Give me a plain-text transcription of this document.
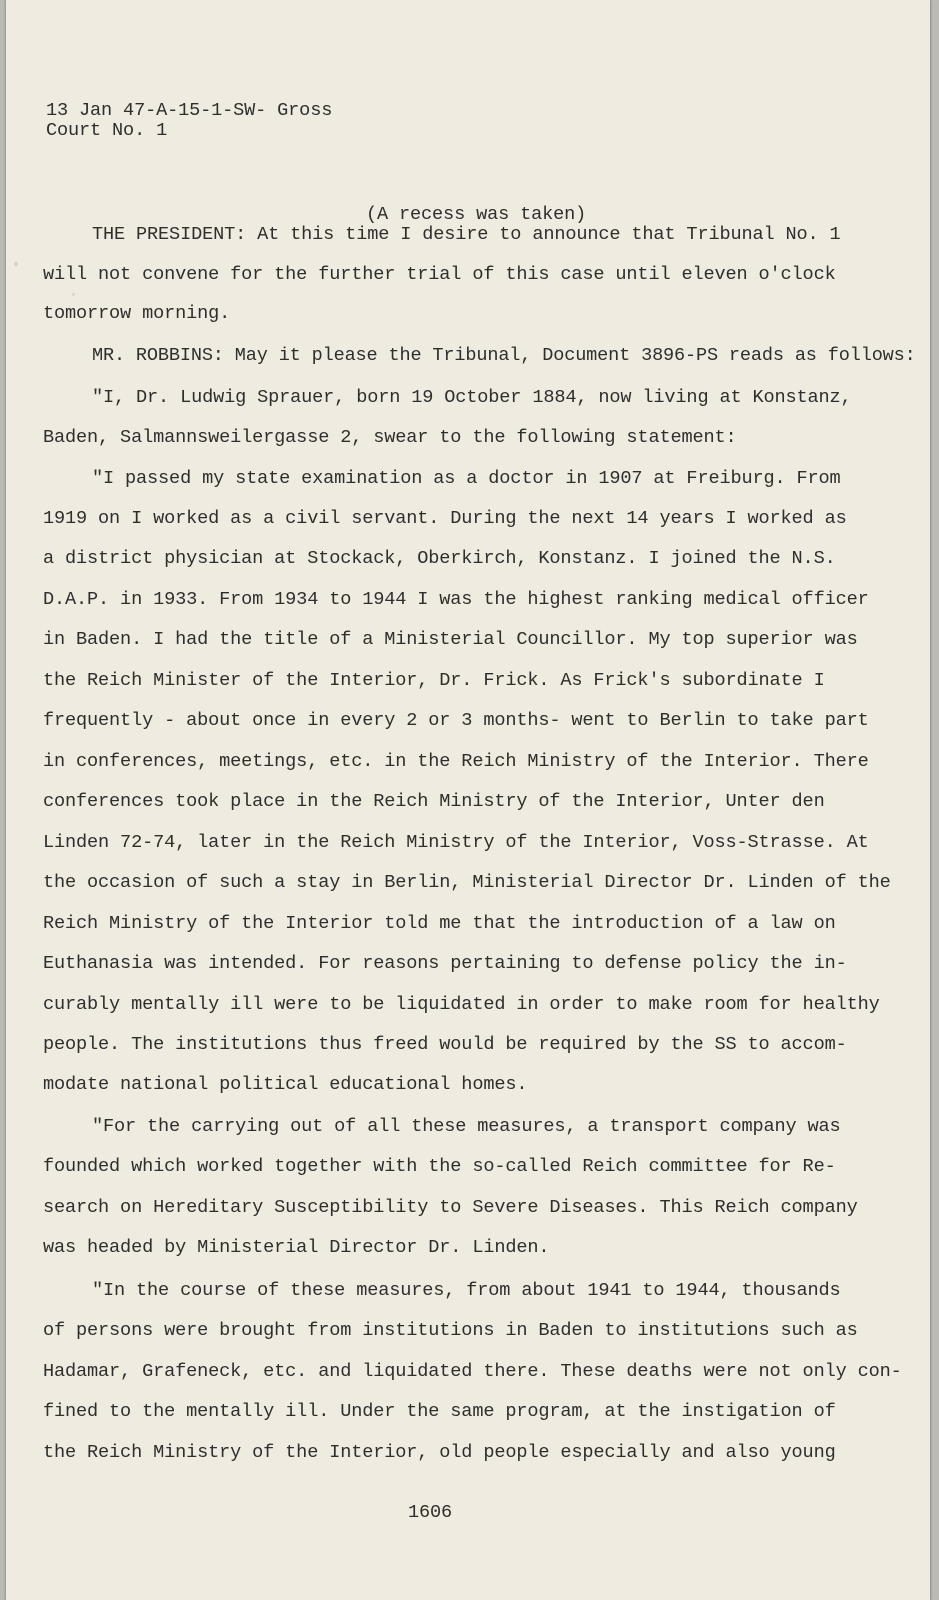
13 Jan 47-A-15-1-SW- Gross
Court No. 1
(A recess was taken)
THE PRESIDENT: At this time I desire to announce that Tribunal No. 1
will not convene for the further trial of this case until eleven o'clock
tomorrow morning.
MR. ROBBINS: May it please the Tribunal, Document 3896-PS reads as follows:
"I, Dr. Ludwig Sprauer, born 19 October 1884, now living at Konstanz,
Baden, Salmannsweilergasse 2, swear to the following statement:
"I passed my state examination as a doctor in 1907 at Freiburg. From
1919 on I worked as a civil servant. During the next 14 years I worked as
a district physician at Stockack, Oberkirch, Konstanz. I joined the N.S.
D.A.P. in 1933. From 1934 to 1944 I was the highest ranking medical officer
in Baden. I had the title of a Ministerial Councillor. My top superior was
the Reich Minister of the Interior, Dr. Frick. As Frick's subordinate I
frequently - about once in every 2 or 3 months- went to Berlin to take part
in conferences, meetings, etc. in the Reich Ministry of the Interior. There
conferences took place in the Reich Ministry of the Interior, Unter den
Linden 72-74, later in the Reich Ministry of the Interior, Voss-Strasse. At
the occasion of such a stay in Berlin, Ministerial Director Dr. Linden of the
Reich Ministry of the Interior told me that the introduction of a law on
Euthanasia was intended. For reasons pertaining to defense policy the in-
curably mentally ill were to be liquidated in order to make room for healthy
people. The institutions thus freed would be required by the SS to accom-
modate national political educational homes.
"For the carrying out of all these measures, a transport company was
founded which worked together with the so-called Reich committee for Re-
search on Hereditary Susceptibility to Severe Diseases. This Reich company
was headed by Ministerial Director Dr. Linden.
"In the course of these measures, from about 1941 to 1944, thousands
of persons were brought from institutions in Baden to institutions such as
Hadamar, Grafeneck, etc. and liquidated there. These deaths were not only con-
fined to the mentally ill. Under the same program, at the instigation of
the Reich Ministry of the Interior, old people especially and also young
1606
